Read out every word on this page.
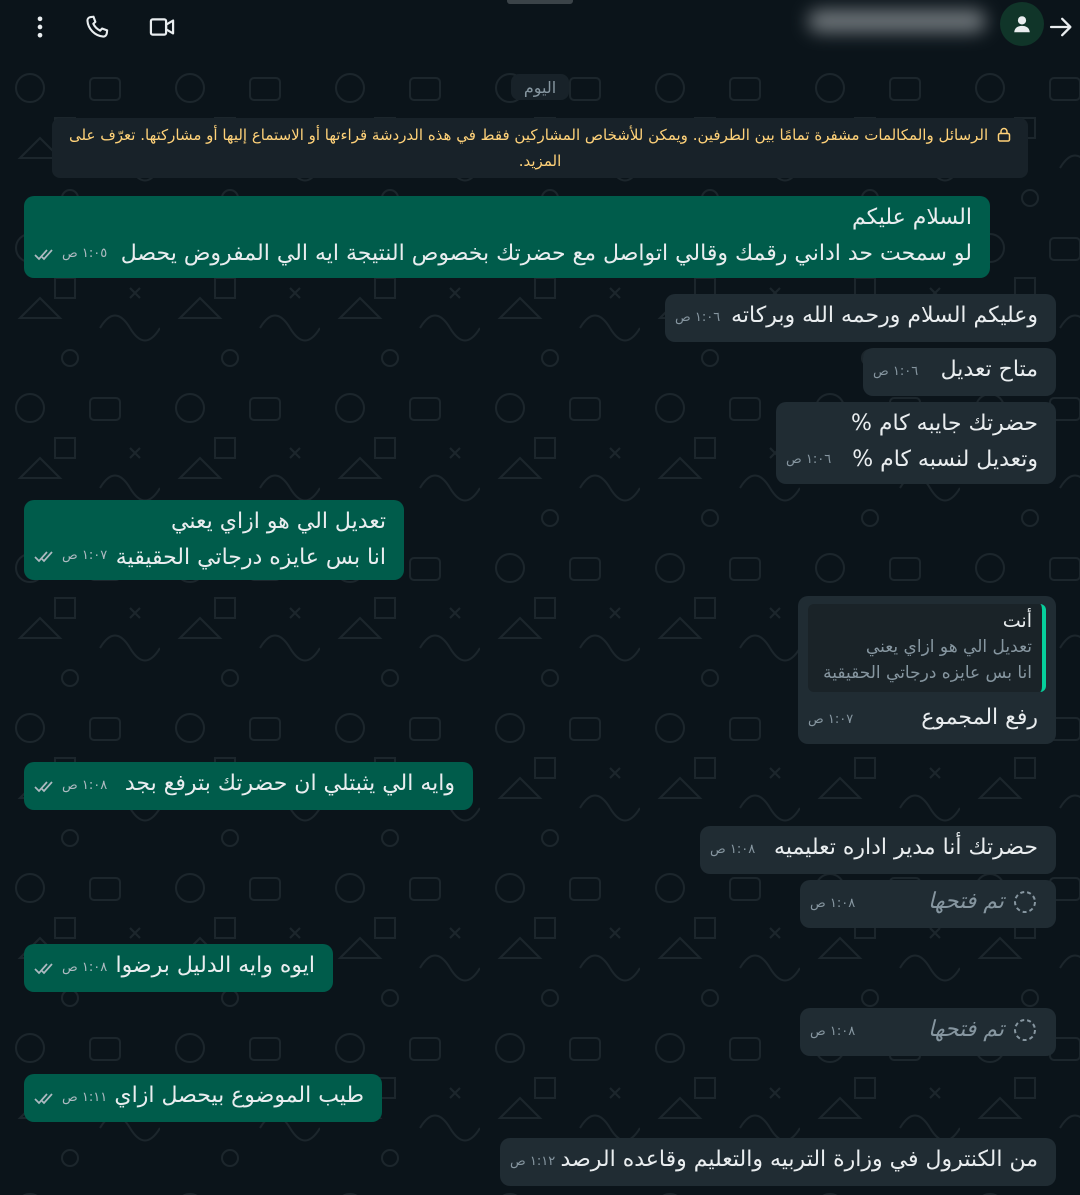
اليوم
الرسائل والمكالمات مشفرة تمامًا بين الطرفين. ويمكن للأشخاص المشاركين فقط في هذه الدردشة قراءتها أو الاستماع إليها أو مشاركتها. تعرّف على المزيد.
السلام عليكم
لو سمحت حد اداني رقمك وقالي اتواصل مع حضرتك بخصوص النتيجة ايه الي المفروض يحصل
١:٠٥ ص
وعليكم السلام ورحمه الله وبركاته
١:٠٦ ص
متاح تعديل
١:٠٦ ص
حضرتك جايبه كام %
وتعديل لنسبه كام %
١:٠٦ ص
تعديل الي هو ازاي يعني
انا بس عايزه درجاتي الحقيقية
١:٠٧ ص
أنت
تعديل الي هو ازاي يعني
انا بس عايزه درجاتي الحقيقية
رفع المجموع
١:٠٧ ص
وايه الي يثبتلي ان حضرتك بترفع بجد
١:٠٨ ص
حضرتك أنا مدير اداره تعليميه
١:٠٨ ص
تم فتحها
١:٠٨ ص
ايوه وايه الدليل برضوا
١:٠٨ ص
تم فتحها
١:٠٨ ص
طيب الموضوع بيحصل ازاي
١:١١ ص
من الكنترول في وزارة التربيه والتعليم وقاعده الرصد
١:١٢ ص
